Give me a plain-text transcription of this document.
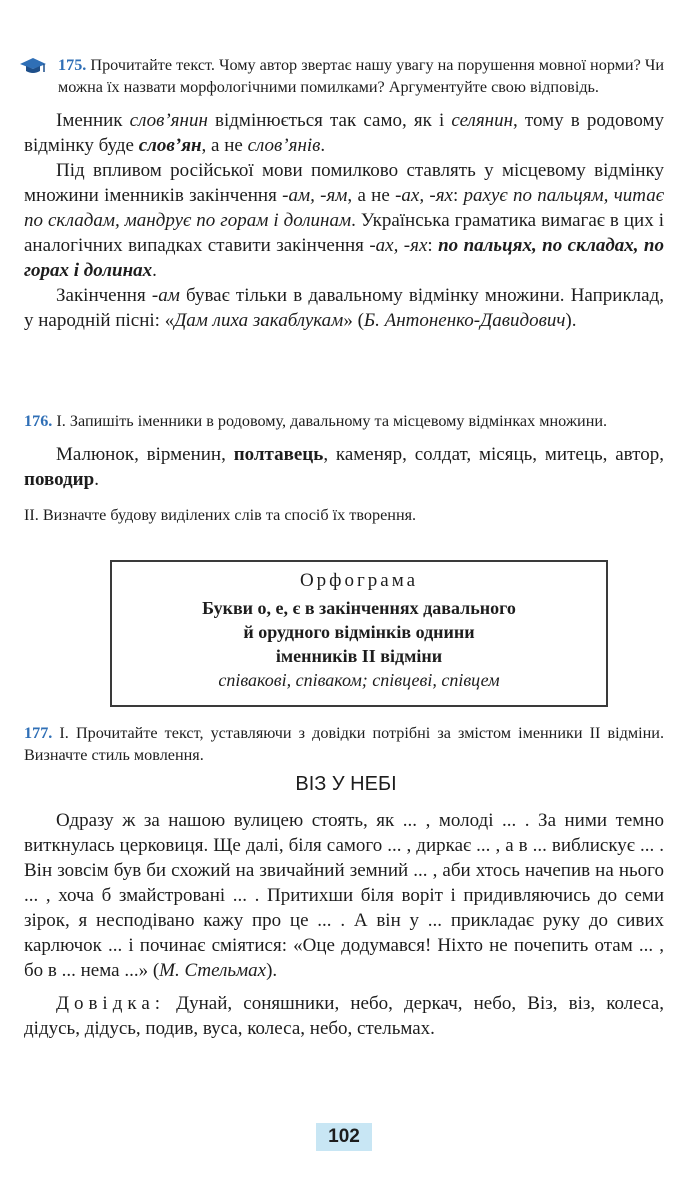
175. Прочитайте текст. Чому автор звертає нашу увагу на порушення мовної норми? Чи можна їх назвати морфологічними помилками? Аргументуйте свою відповідь.
Іменник слов’янин відмінюється так само, як і селянин, тому в родовому відмінку буде слов’ян, а не слов’янів.
Під впливом російської мови помилково ставлять у місцевому відмінку множини іменників закінчення -ам, -ям, а не -ах, -ях: рахує по пальцям, читає по складам, мандрує по горам і долинам. Українська граматика вимагає в цих і аналогічних випадках ставити закінчення -ах, -ях: по пальцях, по складах, по горах і долинах.
Закінчення -ам буває тільки в давальному відмінку множини. Наприклад, у народній пісні: «Дам лиха закаблукам» (Б. Антоненко-Давидович).
176. І. Запишіть іменники в родовому, давальному та місцевому відмінках множини.
Малюнок, вірменин, полтавець, каменяр, солдат, місяць, митець, автор, поводир.
ІІ. Визначте будову виділених слів та спосіб їх творення.
Орфограма
Букви о, е, є в закінченнях давального
й орудного відмінків однини
іменників ІІ відміни
співакові, співаком; співцеві, співцем
177. І. Прочитайте текст, уставляючи з довідки потрібні за змістом іменники ІІ відміни. Визначте стиль мовлення.
ВІЗ У НЕБІ
Одразу ж за нашою вулицею стоять, як ... , молоді ... . За ними темно виткнулась церковиця. Ще далі, біля самого ... , диркає ... , а в ... виблискує ... . Він зовсім був би схожий на звичайний земний ... , аби хтось начепив на нього ... , хоча б змайстровані ... . Притихши біля воріт і придивляючись до семи зірок, я несподівано кажу про це ... . А він у ... прикладає руку до сивих карлючок ... і починає сміятися: «Оце додумався! Ніхто не почепить отам ... , бо в ... нема ...» (М. Стельмах).
Довідка: Дунай, соняшники, небо, деркач, небо, Віз, віз, колеса, дідусь, дідусь, подив, вуса, колеса, небо, стельмах.
102
